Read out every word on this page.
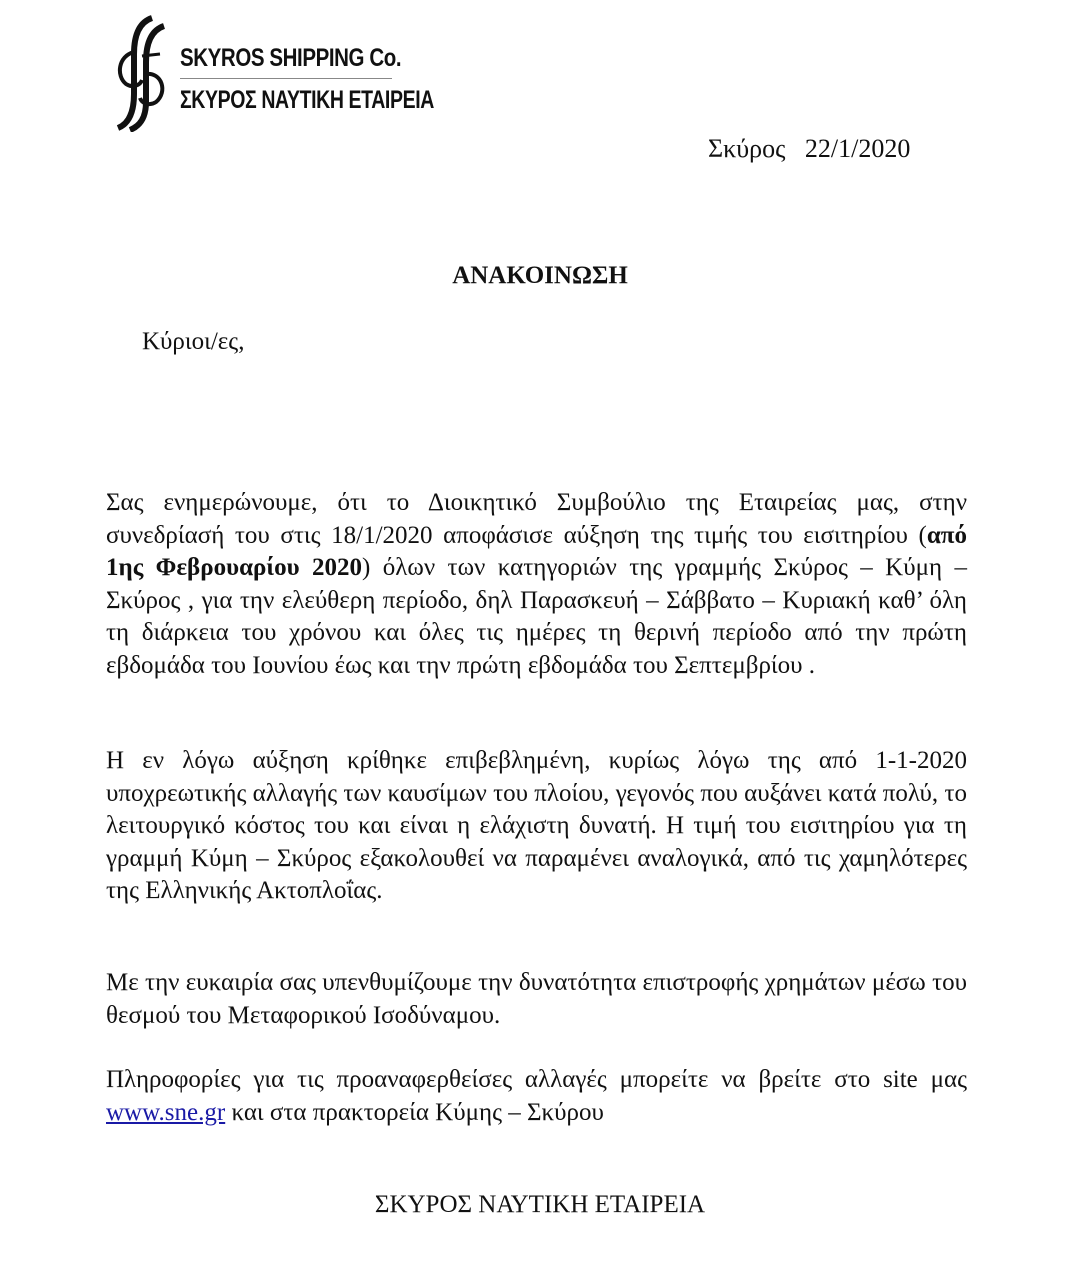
SKYROS SHIPPING Co.
ΣΚΥΡΟΣ ΝΑΥΤΙΚΗ ΕΤΑΙΡΕΙΑ
Σκύρος   22/1/2020
ΑΝΑΚΟΙΝΩΣΗ
Κύριοι/ες,
Σας ενημερώνουμε, ότι το Διοικητικό Συμβούλιο της Εταιρείας μας, στην συνεδρίασή του στις 18/1/2020 αποφάσισε αύξηση της τιμής του εισιτηρίου (από 1ης Φεβρουαρίου 2020) όλων των κατηγοριών της γραμμής Σκύρος – Κύμη – Σκύρος , για την ελεύθερη περίοδο, δηλ Παρασκευή – Σάββατο – Κυριακή καθ’ όλη τη διάρκεια του χρόνου και όλες τις ημέρες τη θερινή περίοδο από την πρώτη εβδομάδα του Ιουνίου έως και την πρώτη εβδομάδα του Σεπτεμβρίου .
Η εν λόγω αύξηση κρίθηκε επιβεβλημένη, κυρίως λόγω της από 1-1-2020 υποχρεωτικής αλλαγής των καυσίμων του πλοίου, γεγονός που αυξάνει κατά πολύ, το λειτουργικό κόστος του και είναι η ελάχιστη δυνατή. Η τιμή του εισιτηρίου για τη γραμμή Κύμη – Σκύρος εξακολουθεί να παραμένει αναλογικά, από τις χαμηλότερες της Ελληνικής Ακτοπλοΐας.
Με την ευκαιρία σας υπενθυμίζουμε την δυνατότητα επιστροφής χρημάτων μέσω του θεσμού του Μεταφορικού Ισοδύναμου.
Πληροφορίες για τις προαναφερθείσες αλλαγές μπορείτε να βρείτε στο site μας www.sne.gr και στα πρακτορεία Κύμης – Σκύρου
ΣΚΥΡΟΣ ΝΑΥΤΙΚΗ ΕΤΑΙΡΕΙΑ
